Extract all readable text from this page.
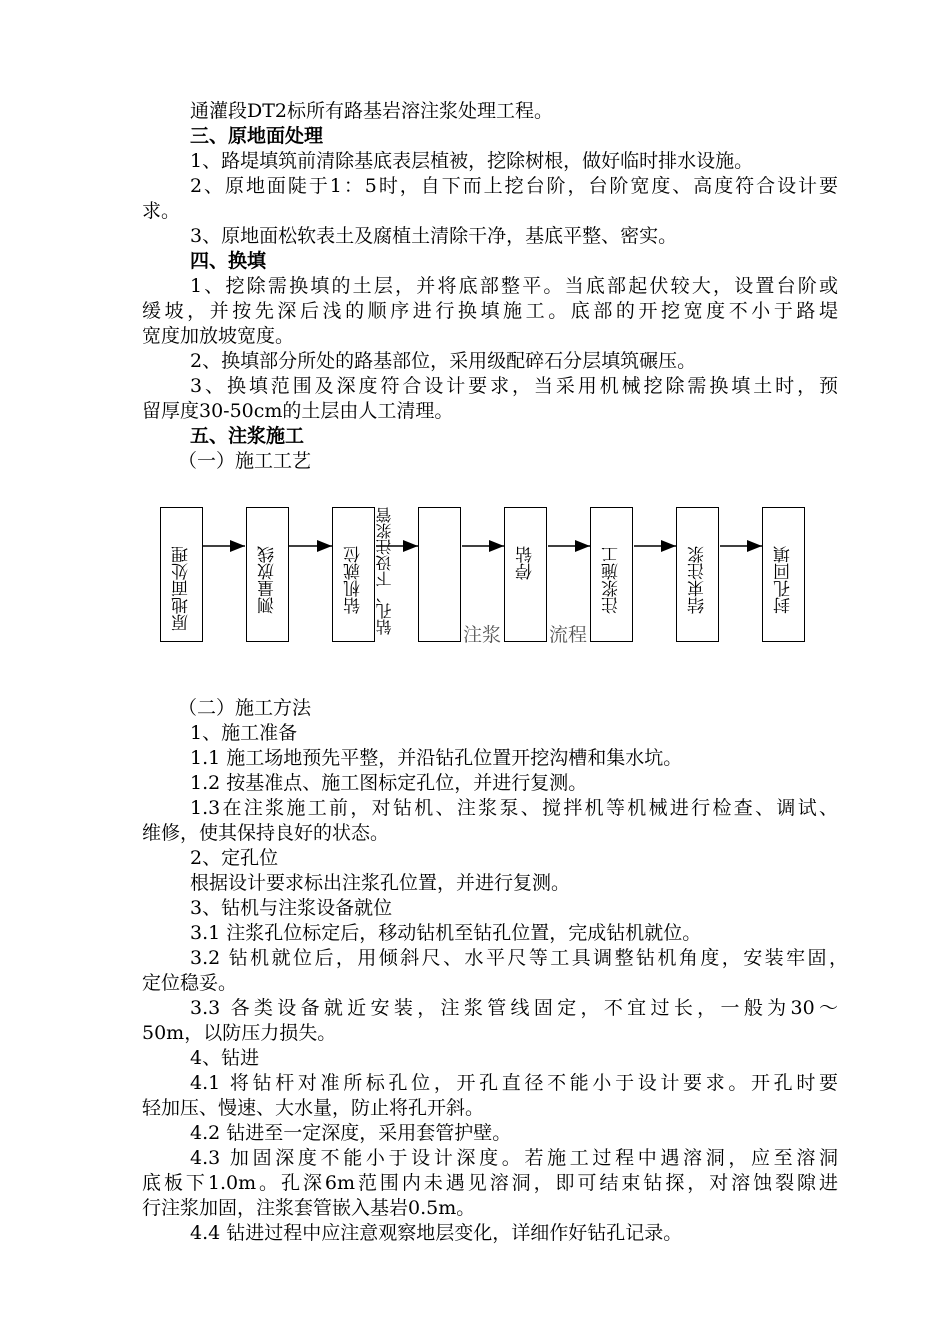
通灌段DT2标所有路基岩溶注浆处理工程。
三、原地面处理
1、路堤填筑前清除基底表层植被，挖除树根，做好临时排水设施。
2、原地面陡于1：5时，自下而上挖台阶，台阶宽度、高度符合设计要
求。
3、原地面松软表土及腐植土清除干净，基底平整、密实。
四、换填
1、挖除需换填的土层，并将底部整平。当底部起伏较大，设置台阶或
缓坡，并按先深后浅的顺序进行换填施工。底部的开挖宽度不小于路堤
宽度加放坡宽度。
2、换填部分所处的路基部位，采用级配碎石分层填筑碾压。
3、换填范围及深度符合设计要求，当采用机械挖除需换填土时，预
留厚度30-50cm的土层由人工清理。
五、注浆施工
（一）施工工艺
原地面处理	测量放线	钻机就位 钻孔、下设注浆管	停钻	注浆施工	结束注浆	封孔回填
注浆	流程
（二）施工方法
1、施工准备
1.1 施工场地预先平整，并沿钻孔位置开挖沟槽和集水坑。
1.2 按基准点、施工图标定孔位，并进行复测。
1.3在注浆施工前，对钻机、注浆泵、搅拌机等机械进行检查、调试、
维修，使其保持良好的状态。
2、定孔位
根据设计要求标出注浆孔位置，并进行复测。
3、钻机与注浆设备就位
3.1 注浆孔位标定后，移动钻机至钻孔位置，完成钻机就位。
3.2 钻机就位后，用倾斜尺、水平尺等工具调整钻机角度，安装牢固，
定位稳妥。
3.3 各类设备就近安装，注浆管线固定，不宜过长，一般为30～
50m，以防压力损失。
4、钻进
4.1 将钻杆对准所标孔位，开孔直径不能小于设计要求。开孔时要
轻加压、慢速、大水量，防止将孔开斜。
4.2 钻进至一定深度，采用套管护壁。
4.3 加固深度不能小于设计深度。若施工过程中遇溶洞，应至溶洞
底板下1.0m。孔深6m范围内未遇见溶洞，即可结束钻探，对溶蚀裂隙进
行注浆加固，注浆套管嵌入基岩0.5m。
4.4 钻进过程中应注意观察地层变化，详细作好钻孔记录。
